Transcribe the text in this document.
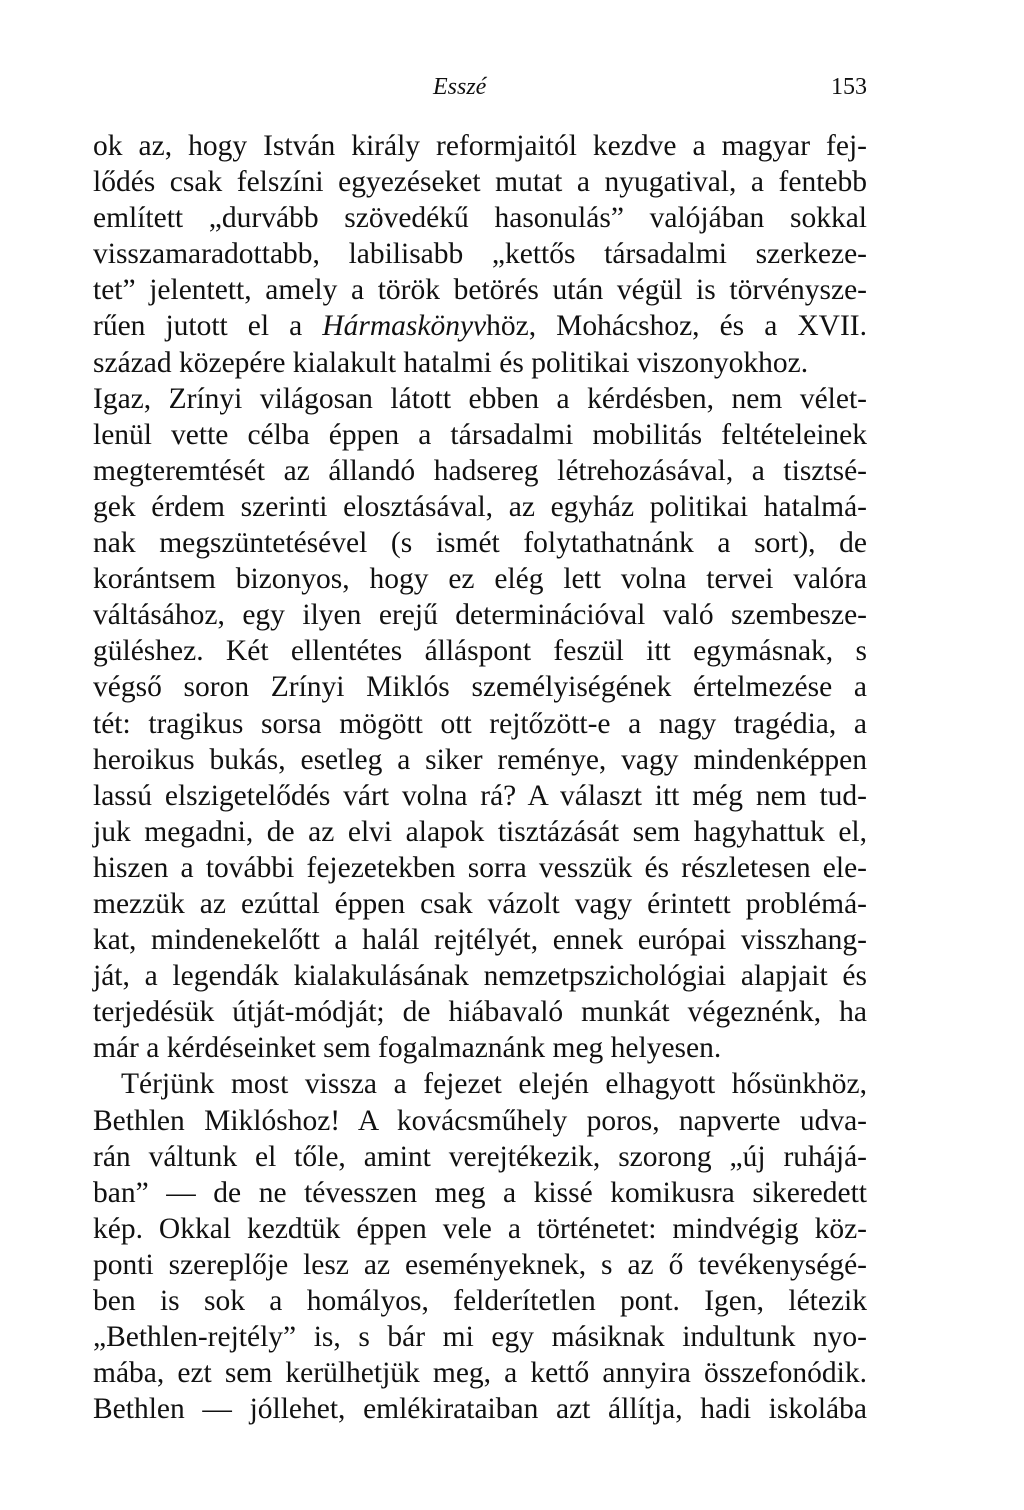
Esszé	153
ok az, hogy István király reformjaitól kezdve a magyar fej-
lődés csak felszíni egyezéseket mutat a nyugatival, a fentebb
említett „durvább szövedékű hasonulás” valójában sokkal
visszamaradottabb, labilisabb „kettős társadalmi szerkeze-
tet” jelentett, amely a török betörés után végül is törvénysze-
rűen jutott el a Hármaskönyvhöz, Mohácshoz, és a XVII.
század közepére kialakult hatalmi és politikai viszonyokhoz.
Igaz, Zrínyi világosan látott ebben a kérdésben, nem vélet-
lenül vette célba éppen a társadalmi mobilitás feltételeinek
megteremtését az állandó hadsereg létrehozásával, a tisztsé-
gek érdem szerinti elosztásával, az egyház politikai hatalmá-
nak megszüntetésével (s ismét folytathatnánk a sort), de
korántsem bizonyos, hogy ez elég lett volna tervei valóra
váltásához, egy ilyen erejű determinációval való szembesze-
güléshez. Két ellentétes álláspont feszül itt egymásnak, s
végső soron Zrínyi Miklós személyiségének értelmezése a
tét: tragikus sorsa mögött ott rejtőzött-e a nagy tragédia, a
heroikus bukás, esetleg a siker reménye, vagy mindenképpen
lassú elszigetelődés várt volna rá? A választ itt még nem tud-
juk megadni, de az elvi alapok tisztázását sem hagyhattuk el,
hiszen a további fejezetekben sorra vesszük és részletesen ele-
mezzük az ezúttal éppen csak vázolt vagy érintett problémá-
kat, mindenekelőtt a halál rejtélyét, ennek európai visszhang-
ját, a legendák kialakulásának nemzetpszichológiai alapjait és
terjedésük útját-módját; de hiábavaló munkát végeznénk, ha
már a kérdéseinket sem fogalmaznánk meg helyesen.
Térjünk most vissza a fejezet elején elhagyott hősünkhöz,
Bethlen Miklóshoz! A kovácsműhely poros, napverte udva-
rán váltunk el tőle, amint verejtékezik, szorong „új ruhájá-
ban” — de ne tévesszen meg a kissé komikusra sikeredett
kép. Okkal kezdtük éppen vele a történetet: mindvégig köz-
ponti szereplője lesz az eseményeknek, s az ő tevékenységé-
ben is sok a homályos, felderítetlen pont. Igen, létezik
„Bethlen-rejtély” is, s bár mi egy másiknak indultunk nyo-
mába, ezt sem kerülhetjük meg, a kettő annyira összefonódik.
Bethlen — jóllehet, emlékirataiban azt állítja, hadi iskolába
